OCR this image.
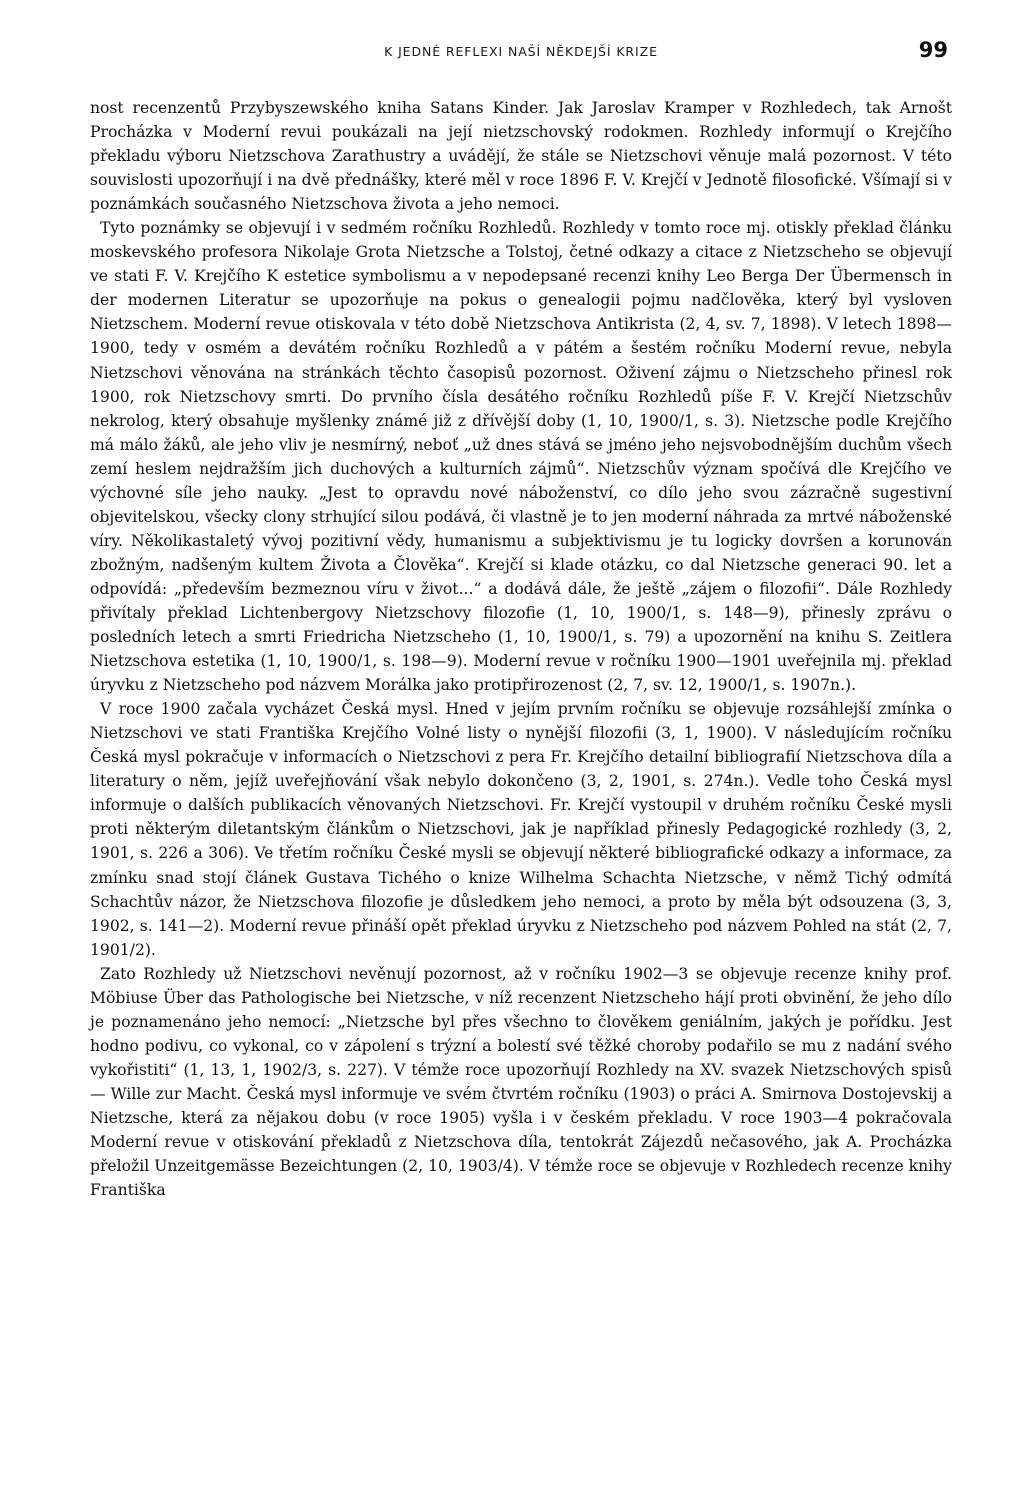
K JEDNÉ REFLEXI NAŠÍ NĚKDEJŠÍ KRIZE	99

nost recenzentů Przybyszewského kniha Satans Kinder. Jak Jaroslav Kramper v Rozhledech, tak Arnošt Procházka v Moderní revui poukázali na její nietzschovský rodokmen. Rozhledy informují o Krejčího překladu výboru Nietzschova Zarathustry a uvádějí, že stále se Nietzschovi věnuje malá pozornost. V této souvislosti upozorňují i na dvě přednášky, které měl v roce 1896 F. V. Krejčí v Jednotě filosofické. Všímají si v poznámkách současného Nietzschova života a jeho nemoci.

Tyto poznámky se objevují i v sedmém ročníku Rozhledů. Rozhledy v tomto roce mj. otiskly překlad článku moskevského profesora Nikolaje Grota Nietzsche a Tolstoj, četné odkazy a citace z Nietzscheho se objevují ve stati F. V. Krejčího K estetice symbolismu a v nepodepsané recenzi knihy Leo Berga Der Übermensch in der modernen Literatur se upozorňuje na pokus o genealogii pojmu nadčlověka, který byl vysloven Nietzschem. Moderní revue otiskovala v této době Nietzschova Antikrista (2, 4, sv. 7, 1898). V letech 1898—1900, tedy v osmém a devátém ročníku Rozhledů a v pátém a šestém ročníku Moderní revue, nebyla Nietzschovi věnována na stránkách těchto časopisů pozornost. Oživení zájmu o Nietzscheho přinesl rok 1900, rok Nietzschovy smrti. Do prvního čísla desátého ročníku Rozhledů píše F. V. Krejčí Nietzschův nekrolog, který obsahuje myšlenky známé již z dřívější doby (1, 10, 1900/1, s. 3). Nietzsche podle Krejčího má málo žáků, ale jeho vliv je nesmírný, neboť „už dnes stává se jméno jeho nejsvobodnějším duchům všech zemí heslem nejdražším jich duchových a kulturních zájmů“. Nietzschův význam spočívá dle Krejčího ve výchovné síle jeho nauky. „Jest to opravdu nové náboženství, co dílo jeho svou zázračně sugestivní objevitelskou, všecky clony strhující silou podává, či vlastně je to jen moderní náhrada za mrtvé náboženské víry. Několikastaletý vývoj pozitivní vědy, humanismu a subjektivismu je tu logicky dovršen a korunován zbožným, nadšeným kultem Života a Člověka“. Krejčí si klade otázku, co dal Nietzsche generaci 90. let a odpovídá: „především bezmeznou víru v život...“ a dodává dále, že ještě „zájem o filozofii“. Dále Rozhledy přivítaly překlad Lichtenbergovy Nietzschovy filozofie (1, 10, 1900/1, s. 148—9), přinesly zprávu o posledních letech a smrti Friedricha Nietzscheho (1, 10, 1900/1, s. 79) a upozornění na knihu S. Zeitlera Nietzschova estetika (1, 10, 1900/1, s. 198—9). Moderní revue v ročníku 1900—1901 uveřejnila mj. překlad úryvku z Nietzscheho pod názvem Morálka jako protipřirozenost (2, 7, sv. 12, 1900/1, s. 1907n.).

V roce 1900 začala vycházet Česká mysl. Hned v jejím prvním ročníku se objevuje rozsáhlejší zmínka o Nietzschovi ve stati Františka Krejčího Volné listy o nynější filozofii (3, 1, 1900). V následujícím ročníku Česká mysl pokračuje v informacích o Nietzschovi z pera Fr. Krejčího detailní bibliografií Nietzschova díla a literatury o něm, jejíž uveřejňování však nebylo dokončeno (3, 2, 1901, s. 274n.). Vedle toho Česká mysl informuje o dalších publikacích věnovaných Nietzschovi. Fr. Krejčí vystoupil v druhém ročníku České mysli proti některým diletantským článkům o Nietzschovi, jak je například přinesly Pedagogické rozhledy (3, 2, 1901, s. 226 a 306). Ve třetím ročníku České mysli se objevují některé bibliografické odkazy a informace, za zmínku snad stojí článek Gustava Tichého o knize Wilhelma Schachta Nietzsche, v němž Tichý odmítá Schachtův názor, že Nietzschova filozofie je důsledkem jeho nemoci, a proto by měla být odsouzena (3, 3, 1902, s. 141—2). Moderní revue přináší opět překlad úryvku z Nietzscheho pod názvem Pohled na stát (2, 7, 1901/2).

Zato Rozhledy už Nietzschovi nevěnují pozornost, až v ročníku 1902—3 se objevuje recenze knihy prof. Möbiuse Über das Pathologische bei Nietzsche, v níž recenzent Nietzscheho hájí proti obvinění, že jeho dílo je poznamenáno jeho nemocí: „Nietzsche byl přes všechno to člověkem geniálním, jakých je pořídku. Jest hodno podivu, co vykonal, co v zápolení s trýzní a bolestí své těžké choroby podařilo se mu z nadání svého vykořistiti“ (1, 13, 1, 1902/3, s. 227). V témže roce upozorňují Rozhledy na XV. svazek Nietzschových spisů — Wille zur Macht. Česká mysl informuje ve svém čtvrtém ročníku (1903) o práci A. Smirnova Dostojevskij a Nietzsche, která za nějakou dobu (v roce 1905) vyšla i v českém překladu. V roce 1903—4 pokračovala Moderní revue v otiskování překladů z Nietzschova díla, tentokrát Zájezdů nečasového, jak A. Procházka přeložil Unzeitgemässe Bezeichtungen (2, 10, 1903/4). V témže roce se objevuje v Rozhledech recenze knihy Františka
